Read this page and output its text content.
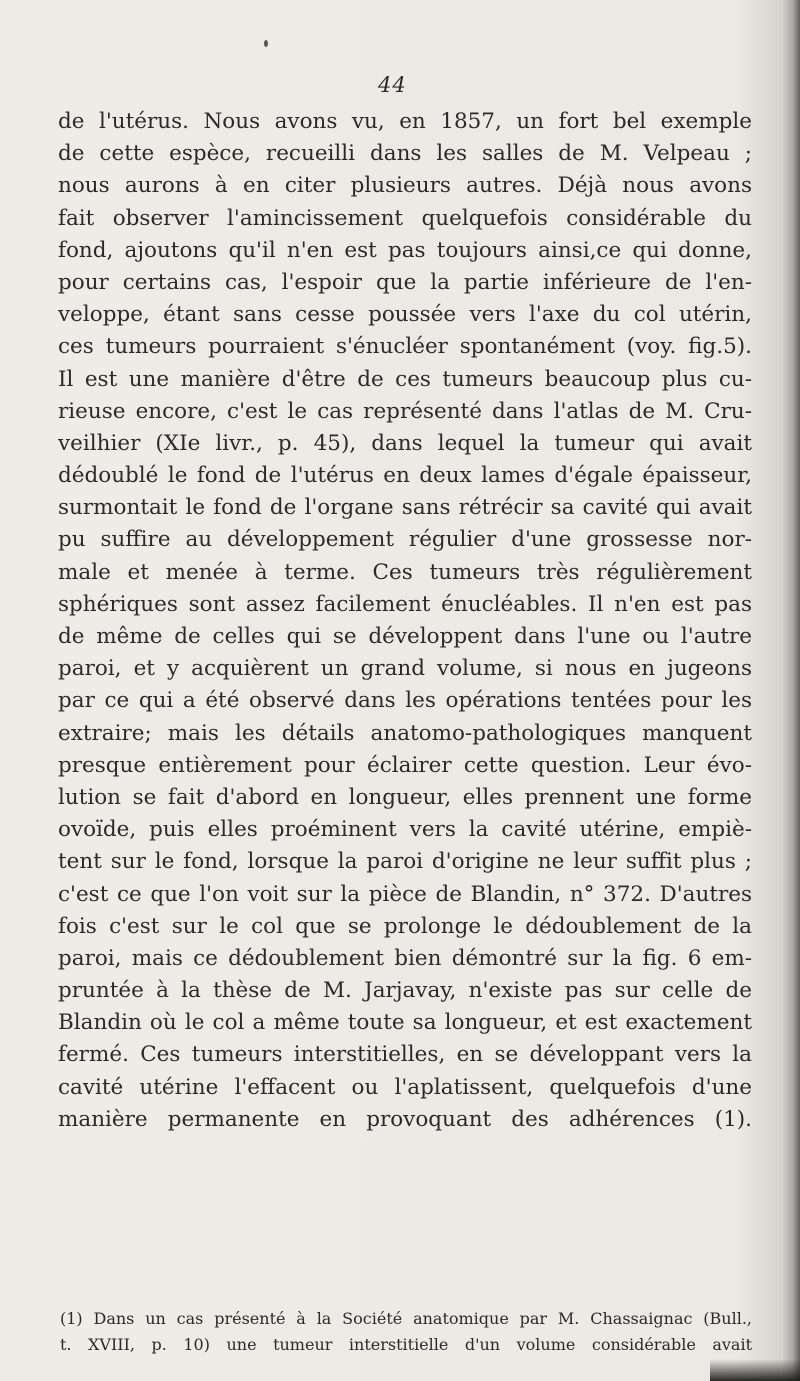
44
de l'utérus. Nous avons vu, en 1857, un fort bel exemple
de cette espèce, recueilli dans les salles de M. Velpeau ;
nous aurons à en citer plusieurs autres. Déjà nous avons
fait observer l'amincissement quelquefois considérable du
fond, ajoutons qu'il n'en est pas toujours ainsi,ce qui donne,
pour certains cas, l'espoir que la partie inférieure de l'en-
veloppe, étant sans cesse poussée vers l'axe du col utérin,
ces tumeurs pourraient s'énucléer spontanément (voy. fig.5).
Il est une manière d'être de ces tumeurs beaucoup plus cu-
rieuse encore, c'est le cas représenté dans l'atlas de M. Cru-
veilhier (XIe livr., p. 45), dans lequel la tumeur qui avait
dédoublé le fond de l'utérus en deux lames d'égale épaisseur,
surmontait le fond de l'organe sans rétrécir sa cavité qui avait
pu suffire au développement régulier d'une grossesse nor-
male et menée à terme. Ces tumeurs très régulièrement
sphériques sont assez facilement énucléables. Il n'en est pas
de même de celles qui se développent dans l'une ou l'autre
paroi, et y acquièrent un grand volume, si nous en jugeons
par ce qui a été observé dans les opérations tentées pour les
extraire; mais les détails anatomo-pathologiques manquent
presque entièrement pour éclairer cette question. Leur évo-
lution se fait d'abord en longueur, elles prennent une forme
ovoïde, puis elles proéminent vers la cavité utérine, empiè-
tent sur le fond, lorsque la paroi d'origine ne leur suffit plus ;
c'est ce que l'on voit sur la pièce de Blandin, n° 372. D'autres
fois c'est sur le col que se prolonge le dédoublement de la
paroi, mais ce dédoublement bien démontré sur la fig. 6 em-
pruntée à la thèse de M. Jarjavay, n'existe pas sur celle de
Blandin où le col a même toute sa longueur, et est exactement
fermé. Ces tumeurs interstitielles, en se développant vers la
cavité utérine l'effacent ou l'aplatissent, quelquefois d'une
manière permanente en provoquant des adhérences (1).
(1) Dans un cas présenté à la Société anatomique par M. Chassaignac (Bull.,
t. XVIII, p. 10) une tumeur interstitielle d'un volume considérable avait
